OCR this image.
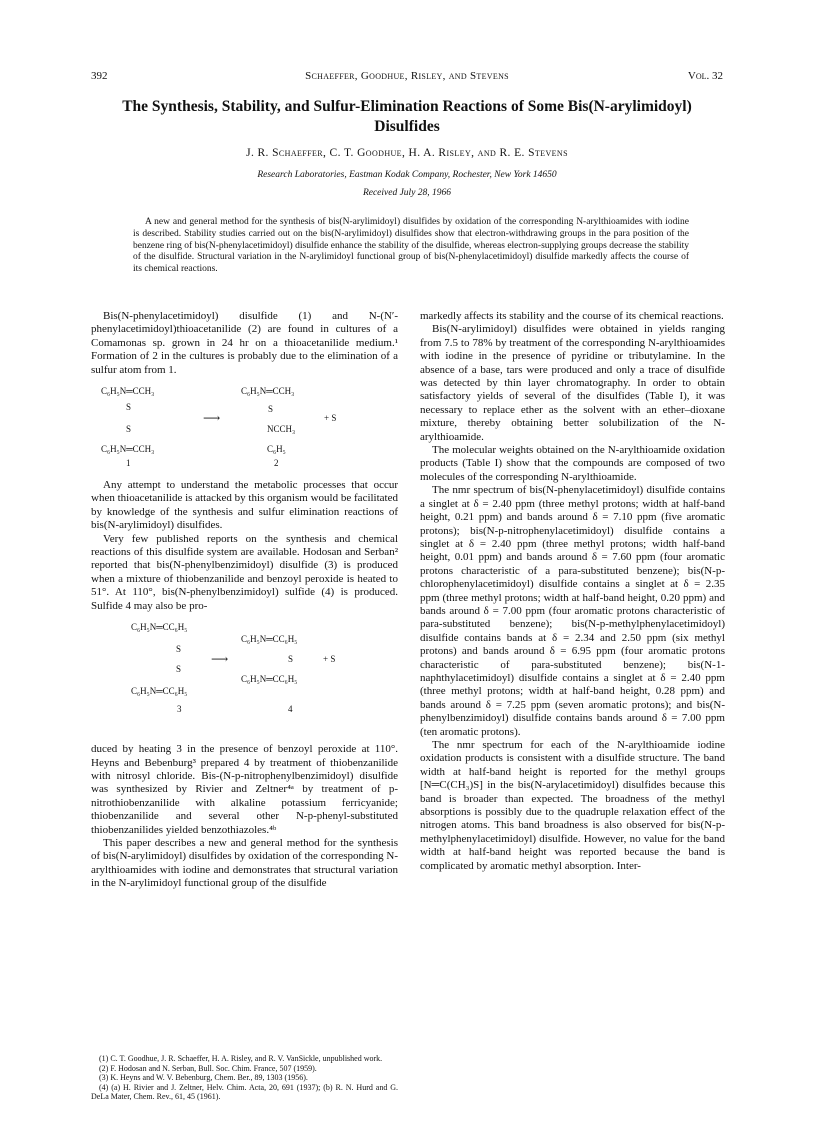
392	Schaeffer, Goodhue, Risley, and Stevens	Vol. 32
The Synthesis, Stability, and Sulfur-Elimination Reactions of Some Bis(N-arylimidoyl) Disulfides
J. R. Schaeffer, C. T. Goodhue, H. A. Risley, and R. E. Stevens
Research Laboratories, Eastman Kodak Company, Rochester, New York 14650
Received July 28, 1966
A new and general method for the synthesis of bis(N-arylimidoyl) disulfides by oxidation of the corresponding N-arylthioamides with iodine is described. Stability studies carried out on the bis(N-arylimidoyl) disulfides show that electron-withdrawing groups in the para position of the benzene ring of bis(N-phenylacetimidoyl) disulfide enhance the stability of the disulfide, whereas electron-supplying groups decrease the stability of the disulfide. Structural variation in the N-arylimidoyl functional group of bis(N-phenylacetimidoyl) disulfide markedly affects the course of its chemical reactions.

Bis(N-phenylacetimidoyl) disulfide (1) and N-(N′-phenylacetimidoyl)thioacetanilide (2) are found in cultures of a Comamonas sp. grown in 24 hr on a thioacetanilide medium.¹ Formation of 2 in the cultures is probably due to the elimination of a sulfur atom from 1.

C₆H₅N═CCH₃
S
S
C₆H₅N═CCH₃
1
⟶
C₆H₅N═CCH₃
S
NCCH₃
C₆H₅
2
+ S

Any attempt to understand the metabolic processes that occur when thioacetanilide is attacked by this organism would be facilitated by knowledge of the synthesis and sulfur elimination reactions of bis(N-arylimidoyl) disulfides.

Very few published reports on the synthesis and chemical reactions of this disulfide system are available. Hodosan and Serban² reported that bis(N-phenylbenzimidoyl) disulfide (3) is produced when a mixture of thiobenzanilide and benzoyl peroxide is heated to 51°. At 110°, bis(N-phenylbenzimidoyl) sulfide (4) is produced. Sulfide 4 may also be pro-

C₆H₅N═CC₆H₅
S
S
C₆H₅N═CC₆H₅
3
⟶
C₆H₅N═CC₆H₅
S
C₆H₅N═CC₆H₅
4
+ S

duced by heating 3 in the presence of benzoyl peroxide at 110°. Heyns and Bebenburg³ prepared 4 by treatment of thiobenzanilide with nitrosyl chloride. Bis-(N-p-nitrophenylbenzimidoyl) disulfide was synthesized by Rivier and Zeltner⁴ᵃ by treatment of p-nitrothiobenzanilide with alkaline potassium ferricyanide; thiobenzanilide and several other N-p-phenyl-substituted thiobenzanilides yielded benzothiazoles.⁴ᵇ

This paper describes a new and general method for the synthesis of bis(N-arylimidoyl) disulfides by oxidation of the corresponding N-arylthioamides with iodine and demonstrates that structural variation in the N-arylimidoyl functional group of the disulfide

(1) C. T. Goodhue, J. R. Schaeffer, H. A. Risley, and R. V. VanSickle, unpublished work.
(2) F. Hodosan and N. Serban, Bull. Soc. Chim. France, 507 (1959).
(3) K. Heyns and W. V. Bebenburg, Chem. Ber., 89, 1303 (1956).
(4) (a) H. Rivier and J. Zeltner, Helv. Chim. Acta, 20, 691 (1937); (b) R. N. Hurd and G. DeLa Mater, Chem. Rev., 61, 45 (1961).

markedly affects its stability and the course of its chemical reactions.

Bis(N-arylimidoyl) disulfides were obtained in yields ranging from 7.5 to 78% by treatment of the corresponding N-arylthioamides with iodine in the presence of pyridine or tributylamine. In the absence of a base, tars were produced and only a trace of disulfide was detected by thin layer chromatography. In order to obtain satisfactory yields of several of the disulfides (Table I), it was necessary to replace ether as the solvent with an ether–dioxane mixture, thereby obtaining better solubilization of the N-arylthioamide.

The molecular weights obtained on the N-arylthioamide oxidation products (Table I) show that the compounds are composed of two molecules of the corresponding N-arylthioamide.

The nmr spectrum of bis(N-phenylacetimidoyl) disulfide contains a singlet at δ = 2.40 ppm (three methyl protons; width at half-band height, 0.21 ppm) and bands around δ = 7.10 ppm (five aromatic protons); bis(N-p-nitrophenylacetimidoyl) disulfide contains a singlet at δ = 2.40 ppm (three methyl protons; width half-band height, 0.01 ppm) and bands around δ = 7.60 ppm (four aromatic protons characteristic of a para-substituted benzene); bis(N-p-chlorophenylacetimidoyl) disulfide contains a singlet at δ = 2.35 ppm (three methyl protons; width at half-band height, 0.20 ppm) and bands around δ = 7.00 ppm (four aromatic protons characteristic of para-substituted benzene); bis(N-p-methylphenylacetimidoyl) disulfide contains bands at δ = 2.34 and 2.50 ppm (six methyl protons) and bands around δ = 6.95 ppm (four aromatic protons characteristic of para-substituted benzene); bis(N-1-naphthylacetimidoyl) disulfide contains a singlet at δ = 2.40 ppm (three methyl protons; width at half-band height, 0.28 ppm) and bands around δ = 7.25 ppm (seven aromatic protons); and bis(N-phenylbenzimidoyl) disulfide contains bands around δ = 7.00 ppm (ten aromatic protons).

The nmr spectrum for each of the N-arylthioamide iodine oxidation products is consistent with a disulfide structure. The band width at half-band height is reported for the methyl groups [N═C(CH₃)S] in the bis(N-arylacetimidoyl) disulfides because this band is broader than expected. The broadness of the methyl absorptions is possibly due to the quadruple relaxation effect of the nitrogen atoms. This band broadness is also observed for bis(N-p-methylphenylacetimidoyl) disulfide. However, no value for the band width at half-band height was reported because the band is complicated by aromatic methyl absorption. Inter-
